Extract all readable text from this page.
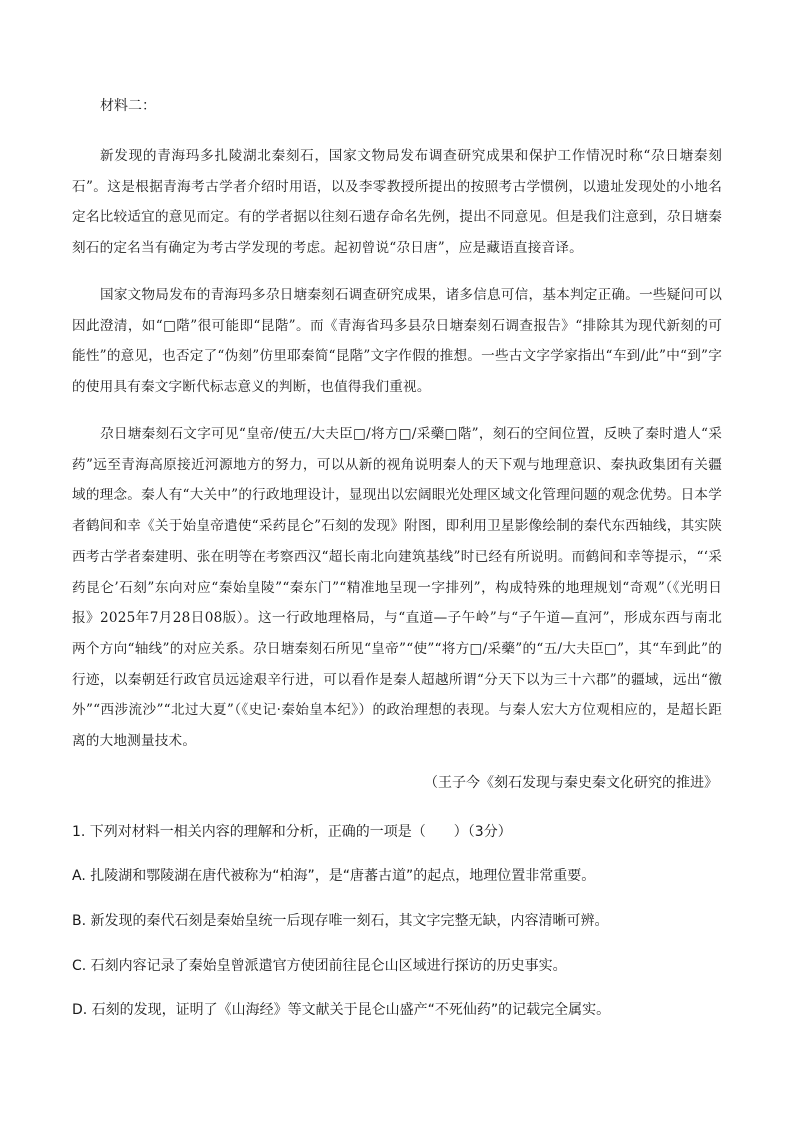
材料二：

新发现的青海玛多扎陵湖北秦刻石，国家文物局发布调查研究成果和保护工作情况时称“尕日塘秦刻石”。这是根据青海考古学者介绍时用语，以及李零教授所提出的按照考古学惯例，以遗址发现处的小地名定名比较适宜的意见而定。有的学者据以往刻石遗存命名先例，提出不同意见。但是我们注意到，尕日塘秦刻石的定名当有确定为考古学发现的考虑。起初曾说“尕日唐”，应是藏语直接音译。

国家文物局发布的青海玛多尕日塘秦刻石调查研究成果，诸多信息可信，基本判定正确。一些疑问可以因此澄清，如“□階”很可能即“昆階”。而《青海省玛多县尕日塘秦刻石调查报告》“排除其为现代新刻的可能性”的意见，也否定了“伪刻”仿里耶秦简“昆階”文字作假的推想。一些古文字学家指出“车到/此”中“到”字的使用具有秦文字断代标志意义的判断，也值得我们重视。

尕日塘秦刻石文字可见“皇帝/使五/大夫臣□/将方□/采藥□階”，刻石的空间位置，反映了秦时遣人“采药”远至青海高原接近河源地方的努力，可以从新的视角说明秦人的天下观与地理意识、秦执政集团有关疆域的理念。秦人有“大关中”的行政地理设计，显现出以宏阔眼光处理区域文化管理问题的观念优势。日本学者鹤间和幸《关于始皇帝遣使“采药昆仑”石刻的发现》附图，即利用卫星影像绘制的秦代东西轴线，其实陕西考古学者秦建明、张在明等在考察西汉“超长南北向建筑基线”时已经有所说明。而鹤间和幸等提示，“‘采药昆仑’石刻”东向对应“秦始皇陵”“秦东门”“精准地呈现一字排列”，构成特殊的地理规划“奇观”（《光明日报》2025年7月28日08版）。这一行政地理格局，与“直道—子午岭”与“子午道—直河”，形成东西与南北两个方向“轴线”的对应关系。尕日塘秦刻石所见“皇帝”“使”“将方□/采藥”的“五/大夫臣□”，其“车到此”的行迹，以秦朝廷行政官员远途艰辛行进，可以看作是秦人超越所谓“分天下以为三十六郡”的疆域，远出“徼外”“西涉流沙”“北过大夏”（《史记·秦始皇本纪》）的政治理想的表现。与秦人宏大方位观相应的，是超长距离的大地测量技术。

（王子今《刻石发现与秦史秦文化研究的推进》
1. 下列对材料一相关内容的理解和分析，正确的一项是（　　）（3分）
A. 扎陵湖和鄂陵湖在唐代被称为“柏海”，是“唐蕃古道”的起点，地理位置非常重要。
B. 新发现的秦代石刻是秦始皇统一后现存唯一刻石，其文字完整无缺，内容清晰可辨。
C. 石刻内容记录了秦始皇曾派遣官方使团前往昆仑山区域进行探访的历史事实。
D. 石刻的发现，证明了《山海经》等文献关于昆仑山盛产“不死仙药”的记载完全属实。
